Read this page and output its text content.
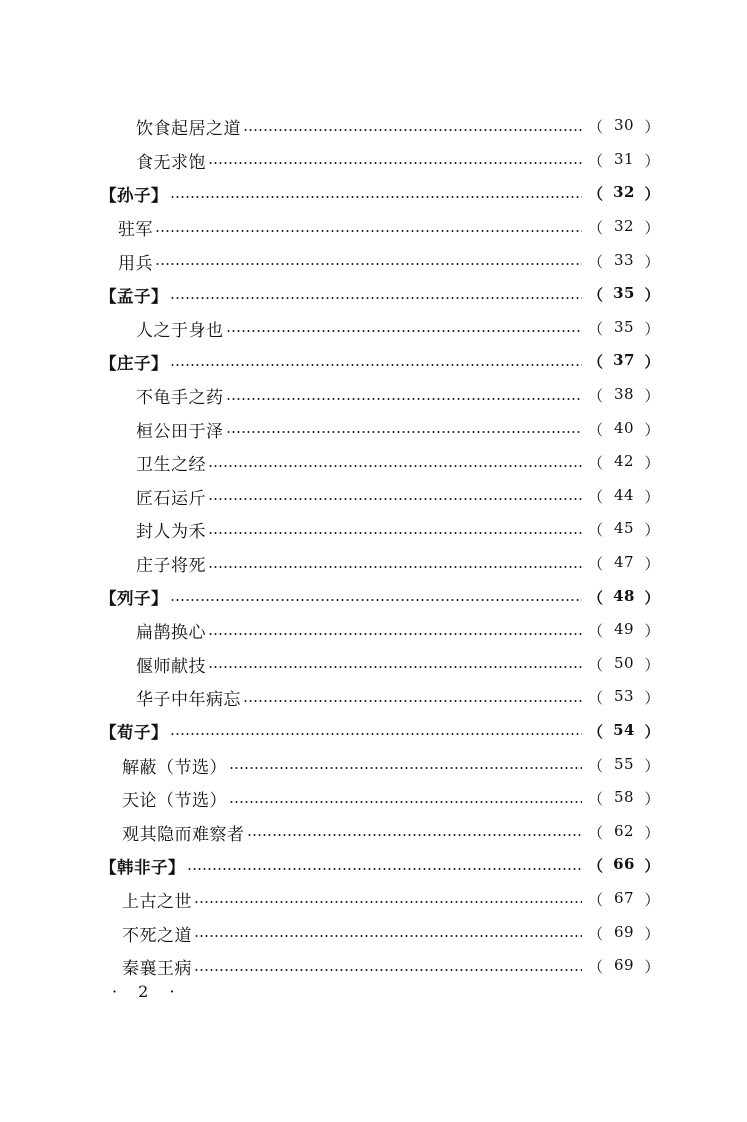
饮食起居之道	（ 30 ）
食无求饱	（ 31 ）
【孙子】	（ 32 ）
驻军	（ 32 ）
用兵	（ 33 ）
【孟子】	（ 35 ）
人之于身也	（ 35 ）
【庄子】	（ 37 ）
不龟手之药	（ 38 ）
桓公田于泽	（ 40 ）
卫生之经	（ 42 ）
匠石运斤	（ 44 ）
封人为禾	（ 45 ）
庄子将死	（ 47 ）
【列子】	（ 48 ）
扁鹊换心	（ 49 ）
偃师献技	（ 50 ）
华子中年病忘	（ 53 ）
【荀子】	（ 54 ）
解蔽（节选）	（ 55 ）
天论（节选）	（ 58 ）
观其隐而难察者	（ 62 ）
【韩非子】	（ 66 ）
上古之世	（ 67 ）
不死之道	（ 69 ）
秦襄王病	（ 69 ）
· 2 ·
